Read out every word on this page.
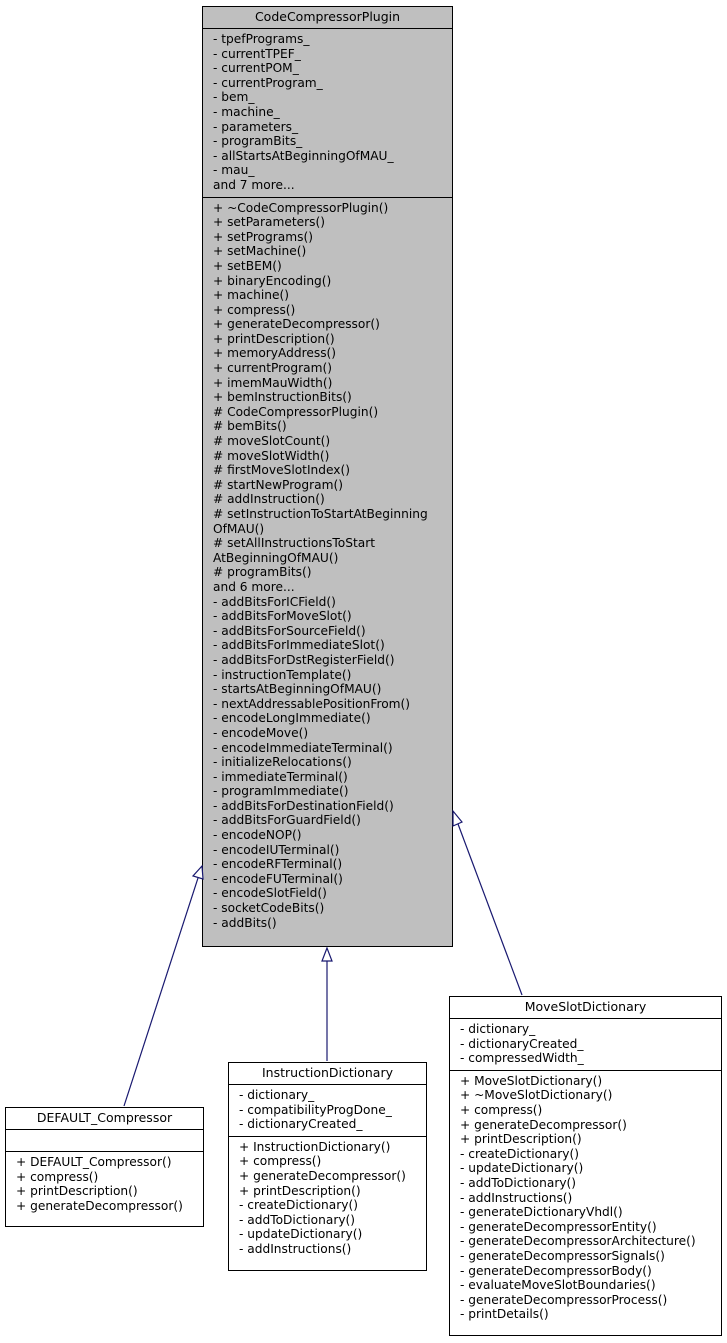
CodeCompressorPlugin
- tpefPrograms_
- currentTPEF_
- currentPOM_
- currentProgram_
- bem_
- machine_
- parameters_
- programBits_
- allStartsAtBeginningOfMAU_
- mau_
and 7 more...
+ ~CodeCompressorPlugin()
+ setParameters()
+ setPrograms()
+ setMachine()
+ setBEM()
+ binaryEncoding()
+ machine()
+ compress()
+ generateDecompressor()
+ printDescription()
+ memoryAddress()
+ currentProgram()
+ imemMauWidth()
+ bemInstructionBits()
# CodeCompressorPlugin()
# bemBits()
# moveSlotCount()
# moveSlotWidth()
# firstMoveSlotIndex()
# startNewProgram()
# addInstruction()
# setInstructionToStartAtBeginning
OfMAU()
# setAllInstructionsToStart
AtBeginningOfMAU()
# programBits()
and 6 more...
- addBitsForICField()
- addBitsForMoveSlot()
- addBitsForSourceField()
- addBitsForImmediateSlot()
- addBitsForDstRegisterField()
- instructionTemplate()
- startsAtBeginningOfMAU()
- nextAddressablePositionFrom()
- encodeLongImmediate()
- encodeMove()
- encodeImmediateTerminal()
- initializeRelocations()
- immediateTerminal()
- programImmediate()
- addBitsForDestinationField()
- addBitsForGuardField()
- encodeNOP()
- encodeIUTerminal()
- encodeRFTerminal()
- encodeFUTerminal()
- encodeSlotField()
- socketCodeBits()
- addBits()
DEFAULT_Compressor
+ DEFAULT_Compressor()
+ compress()
+ printDescription()
+ generateDecompressor()
InstructionDictionary
- dictionary_
- compatibilityProgDone_
- dictionaryCreated_
+ InstructionDictionary()
+ compress()
+ generateDecompressor()
+ printDescription()
- createDictionary()
- addToDictionary()
- updateDictionary()
- addInstructions()
MoveSlotDictionary
- dictionary_
- dictionaryCreated_
- compressedWidth_
+ MoveSlotDictionary()
+ ~MoveSlotDictionary()
+ compress()
+ generateDecompressor()
+ printDescription()
- createDictionary()
- updateDictionary()
- addToDictionary()
- addInstructions()
- generateDictionaryVhdl()
- generateDecompressorEntity()
- generateDecompressorArchitecture()
- generateDecompressorSignals()
- generateDecompressorBody()
- evaluateMoveSlotBoundaries()
- generateDecompressorProcess()
- printDetails()
